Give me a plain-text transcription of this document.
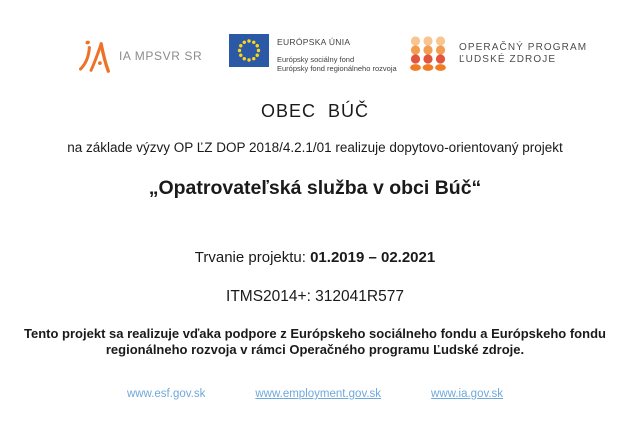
IA MPSVR SR
EURÓPSKA ÚNIA
Európsky sociálny fond
Európsky fond regionálneho rozvoja
OPERAČNÝ PROGRAM
ĽUDSKÉ ZDROJE
OBEC  BÚČ
na základe výzvy OP ĽZ DOP 2018/4.2.1/01 realizuje dopytovo-orientovaný projekt
„Opatrovateľská služba v obci Búč“
Trvanie projektu: 01.2019 – 02.2021
ITMS2014+: 312041R577
Tento projekt sa realizuje vďaka podpore z Európskeho sociálneho fondu a Európskeho fondu
regionálneho rozvoja v rámci Operačného programu Ľudské zdroje.
www.esf.gov.sk	www.employment.gov.sk	www.ia.gov.sk
